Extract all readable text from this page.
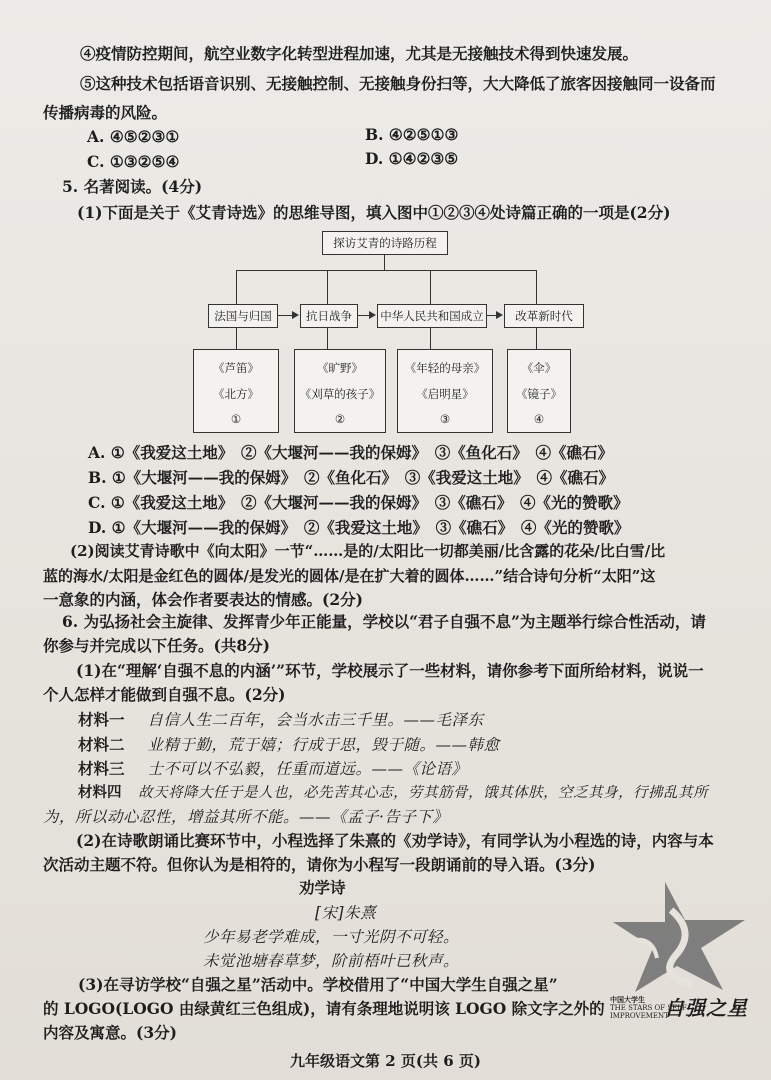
④疫情防控期间，航空业数字化转型进程加速，尤其是无接触技术得到快速发展。
⑤这种技术包括语音识别、无接触控制、无接触身份扫等，大大降低了旅客因接触同一设备而
传播病毒的风险。
A. ④⑤②③①	B. ④②⑤①③
C. ①③②⑤④	D. ①④②③⑤
5. 名著阅读。(4分)
(1)下面是关于《艾青诗选》的思维导图，填入图中①②③④处诗篇正确的一项是(2分)
探访艾青的诗路历程
法国与归国	抗日战争	中华人民共和国成立	改革新时代
《芦笛》
《北方》
①
《旷野》
《刈草的孩子》
②
《年轻的母亲》
《启明星》
③
《伞》
《镜子》
④
A. ①《我爱这土地》　②《大堰河——我的保姆》　③《鱼化石》　④《礁石》
B. ①《大堰河——我的保姆》　②《鱼化石》　③《我爱这土地》　④《礁石》
C. ①《我爱这土地》　②《大堰河——我的保姆》　③《礁石》　④《光的赞歌》
D. ①《大堰河——我的保姆》　②《我爱这土地》　③《礁石》　④《光的赞歌》
(2)阅读艾青诗歌中《向太阳》一节“……是的/太阳比一切都美丽/比含露的花朵/比白雪/比
蓝的海水/太阳是金红色的圆体/是发光的圆体/是在扩大着的圆体……”结合诗句分析“太阳”这
一意象的内涵，体会作者要表达的情感。(2分)
6. 为弘扬社会主旋律、发挥青少年正能量，学校以“君子自强不息”为主题举行综合性活动，请
你参与并完成以下任务。(共8分)
(1)在“理解‘自强不息的内涵’”环节，学校展示了一些材料，请你参考下面所给材料，说说一
个人怎样才能做到自强不息。(2分)
材料一 自信人生二百年，会当水击三千里。——毛泽东
材料二 业精于勤，荒于嬉；行成于思，毁于随。——韩愈
材料三 士不可以不弘毅，任重而道远。——《论语》
材料四 故天将降大任于是人也，必先苦其心志，劳其筋骨，饿其体肤，空乏其身，行拂乱其所
为，所以动心忍性，增益其所不能。——《孟子·告子下》
(2)在诗歌朗诵比赛环节中，小程选择了朱熹的《劝学诗》，有同学认为小程选的诗，内容与本
次活动主题不符。但你认为是相符的，请你为小程写一段朗诵前的导入语。(3分)
劝学诗
[宋]朱熹
少年易老学难成，一寸光阴不可轻。
未觉池塘春草梦，阶前梧叶已秋声。
(3)在寻访学校“自强之星”活动中。学校借用了“中国大学生自强之星”
的 LOGO(LOGO 由绿黄红三色组成)，请有条理地说明该 LOGO 除文字之外的
内容及寓意。(3分)
中国大学生
THE STARS OF SELF
IMPROVEMENT
自强之星
九年级语文第 2 页(共 6 页)
